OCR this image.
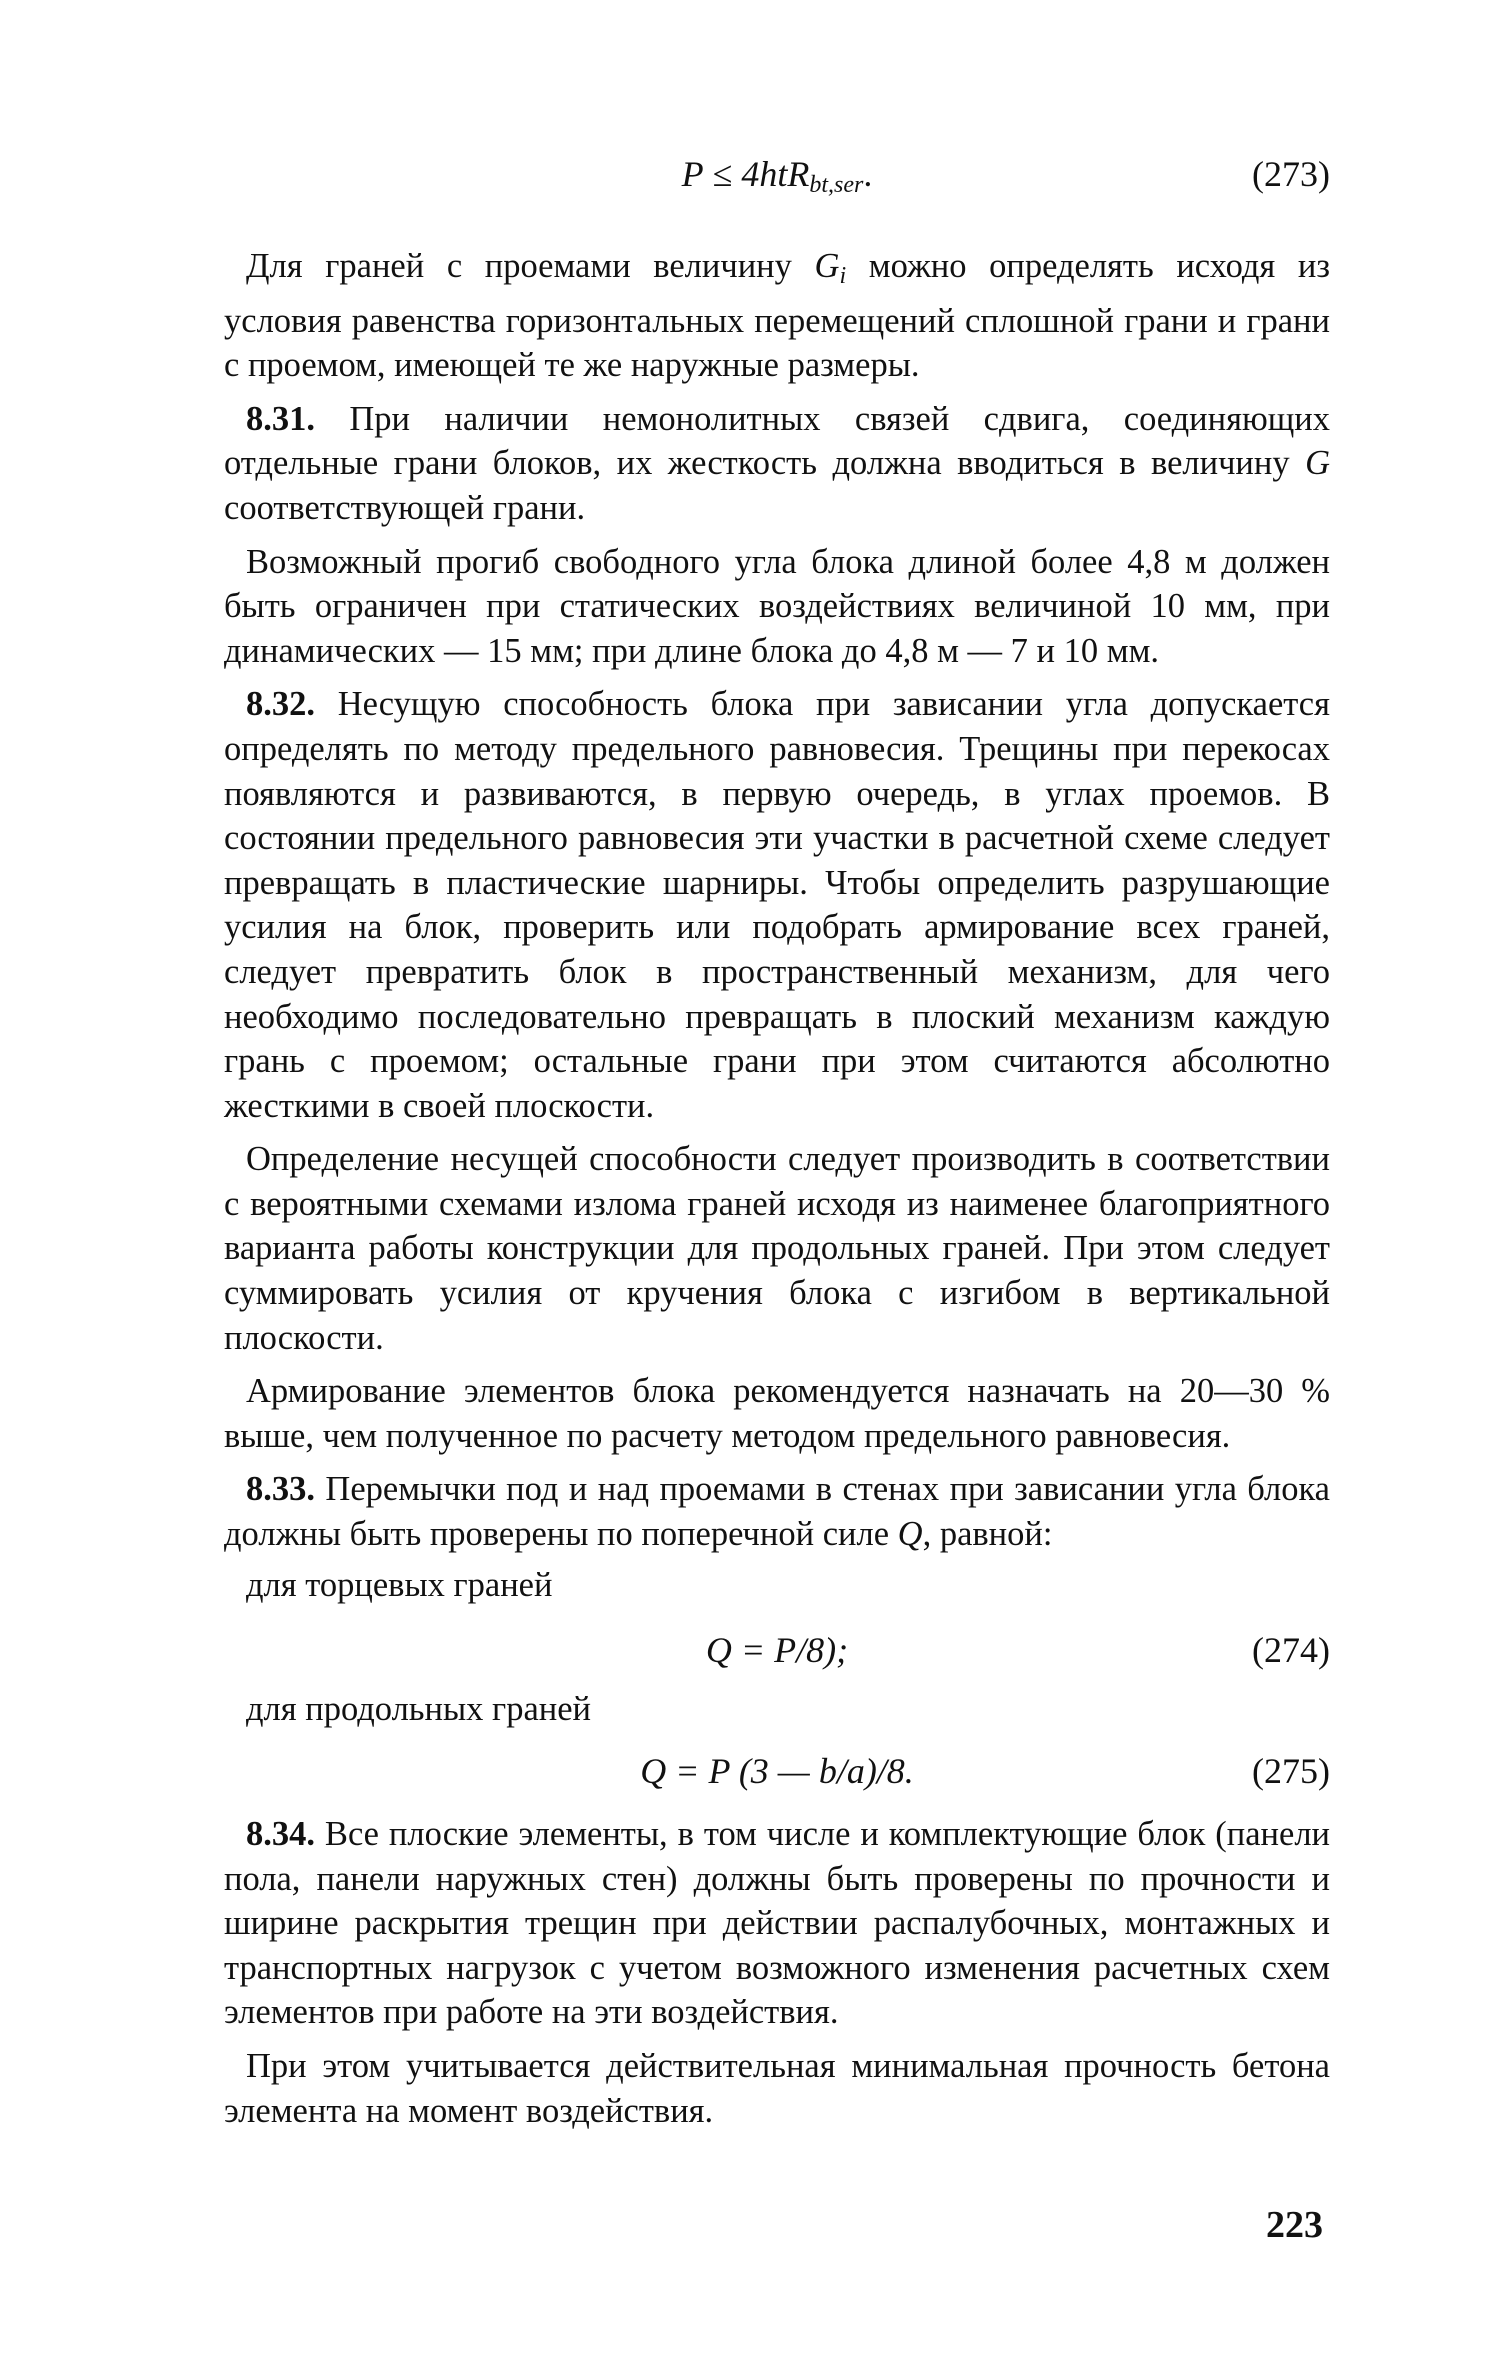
P ≤ 4htR$_{bt,ser}$.	(273)

Для граней с проемами величину $G_i$ можно определять исходя из условия равенства горизонтальных перемещений сплошной грани и грани с проемом, имеющей те же наружные размеры.

8.31. При наличии немонолитных связей сдвига, соединяющих отдельные грани блоков, их жесткость должна вводиться в величину G соответствующей грани.

Возможный прогиб свободного угла блока длиной более 4,8 м должен быть ограничен при статических воздействиях величиной 10 мм, при динамических — 15 мм; при длине блока до 4,8 м — 7 и 10 мм.

8.32. Несущую способность блока при зависании угла допускается определять по методу предельного равновесия. Трещины при перекосах появляются и развиваются, в первую очередь, в углах проемов. В состоянии предельного равновесия эти участки в расчетной схеме следует превращать в пластические шарниры. Чтобы определить разрушающие усилия на блок, проверить или подобрать армирование всех граней, следует превратить блок в пространственный механизм, для чего необходимо последовательно превращать в плоский механизм каждую грань с проемом; остальные грани при этом считаются абсолютно жесткими в своей плоскости.

Определение несущей способности следует производить в соответствии с вероятными схемами излома граней исходя из наименее благоприятного варианта работы конструкции для продольных граней. При этом следует суммировать усилия от кручения блока с изгибом в вертикальной плоскости.

Армирование элементов блока рекомендуется назначать на 20—30 % выше, чем полученное по расчету методом предельного равновесия.

8.33. Перемычки под и над проемами в стенах при зависании угла блока должны быть проверены по поперечной силе Q, равной:

для торцевых граней

Q = P/8);	(274)

для продольных граней

Q = P (3 — b/a)/8.	(275)

8.34. Все плоские элементы, в том числе и комплектующие блок (панели пола, панели наружных стен) должны быть проверены по прочности и ширине раскрытия трещин при действии распалубочных, монтажных и транспортных нагрузок с учетом возможного изменения расчетных схем элементов при работе на эти воздействия.

При этом учитывается действительная минимальная прочность бетона элемента на момент воздействия.

223
